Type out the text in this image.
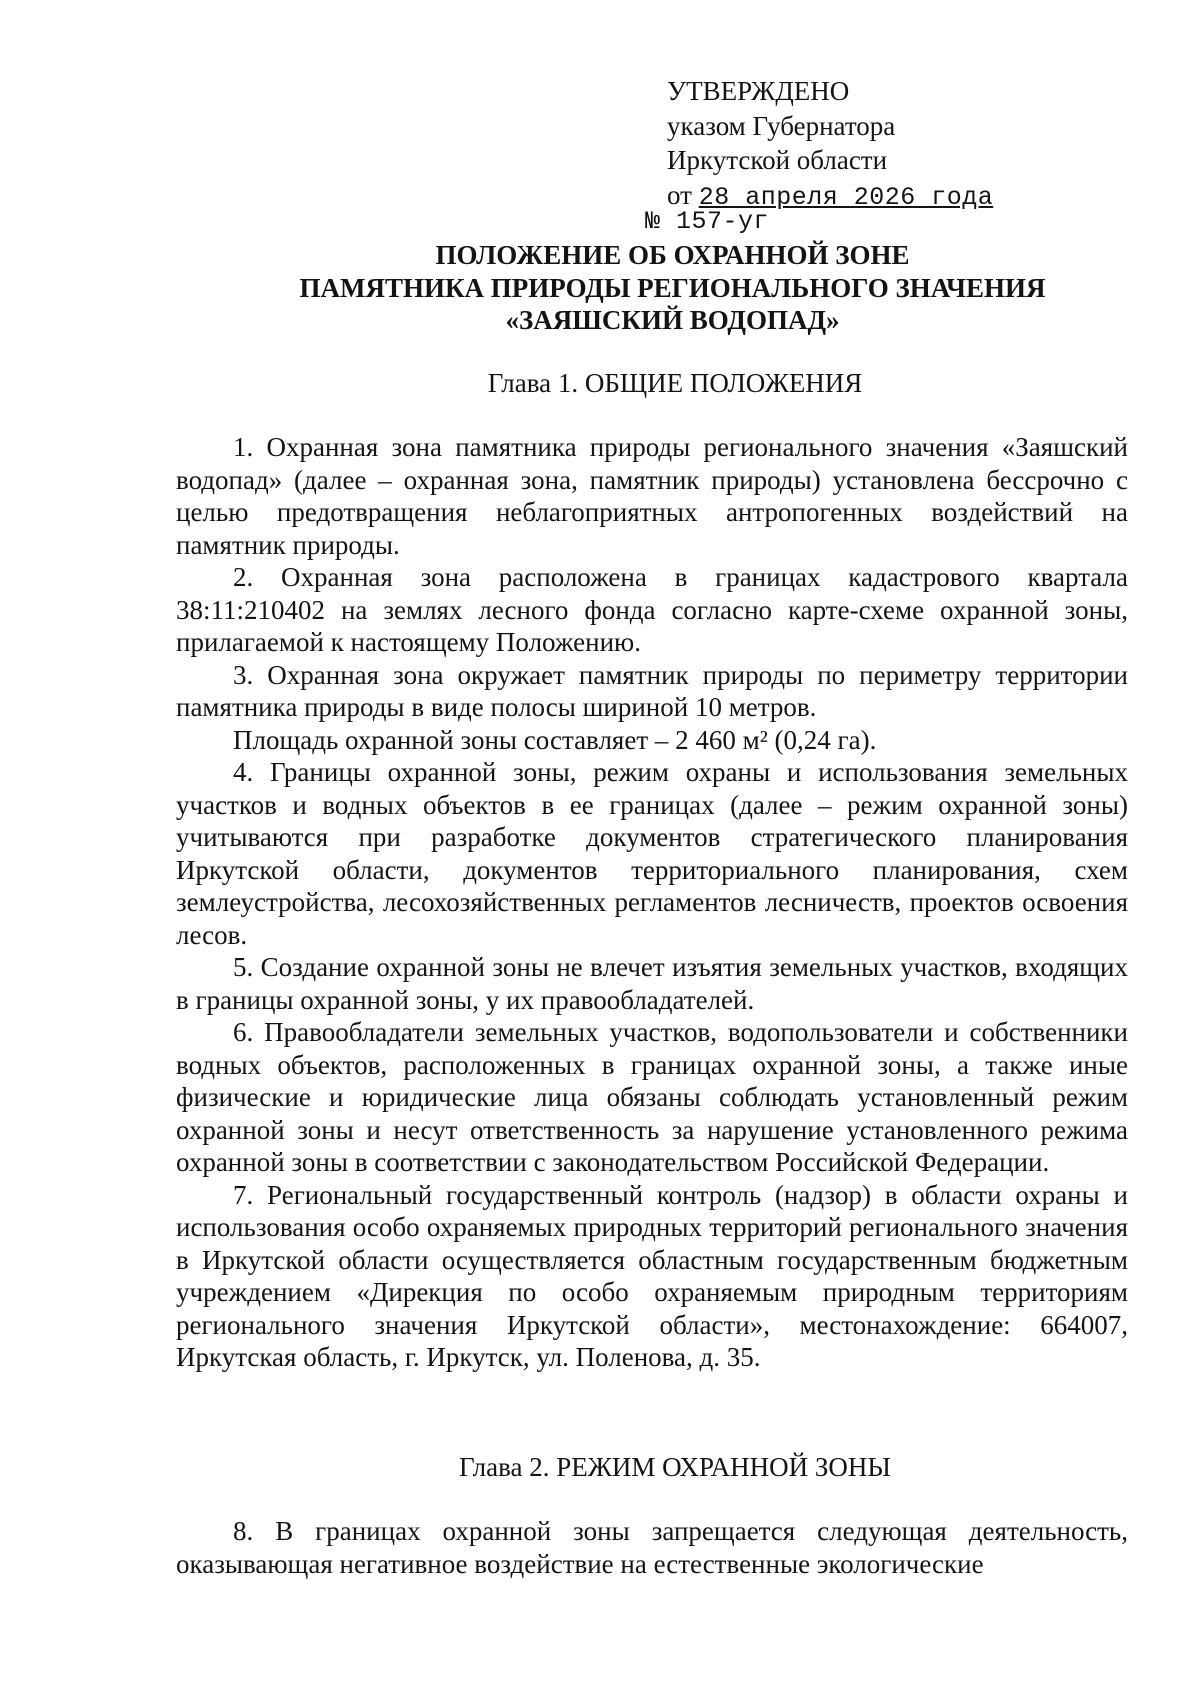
УТВЕРЖДЕНО
указом Губернатора
Иркутской области
от 28 апреля 2026 года
№ 157-уг
ПОЛОЖЕНИЕ ОБ ОХРАННОЙ ЗОНЕ
ПАМЯТНИКА ПРИРОДЫ РЕГИОНАЛЬНОГО ЗНАЧЕНИЯ
«ЗАЯШСКИЙ ВОДОПАД»
Глава 1. ОБЩИЕ ПОЛОЖЕНИЯ

1. Охранная зона памятника природы регионального значения «Заяшский водопад» (далее – охранная зона, памятник природы) установлена бессрочно с целью предотвращения неблагоприятных антропогенных воздействий на памятник природы.

2. Охранная зона расположена в границах кадастрового квартала 38:11:210402 на землях лесного фонда согласно карте-схеме охранной зоны, прилагаемой к настоящему Положению.

3. Охранная зона окружает памятник природы по периметру территории памятника природы в виде полосы шириной 10 метров.

Площадь охранной зоны составляет – 2 460 м² (0,24 га).

4. Границы охранной зоны, режим охраны и использования земельных участков и водных объектов в ее границах (далее – режим охранной зоны) учитываются при разработке документов стратегического планирования Иркутской области, документов территориального планирования, схем землеустройства, лесохозяйственных регламентов лесничеств, проектов освоения лесов.

5. Создание охранной зоны не влечет изъятия земельных участков, входящих в границы охранной зоны, у их правообладателей.

6. Правообладатели земельных участков, водопользователи и собственники водных объектов, расположенных в границах охранной зоны, а также иные физические и юридические лица обязаны соблюдать установленный режим охранной зоны и несут ответственность за нарушение установленного режима охранной зоны в соответствии с законодательством Российской Федерации.

7. Региональный государственный контроль (надзор) в области охраны и использования особо охраняемых природных территорий регионального значения в Иркутской области осуществляется областным государственным бюджетным учреждением «Дирекция по особо охраняемым природным территориям регионального значения Иркутской области», местонахождение: 664007, Иркутская область, г. Иркутск, ул. Поленова, д. 35.

Глава 2. РЕЖИМ ОХРАННОЙ ЗОНЫ

8. В границах охранной зоны запрещается следующая деятельность, оказывающая негативное воздействие на естественные экологические
